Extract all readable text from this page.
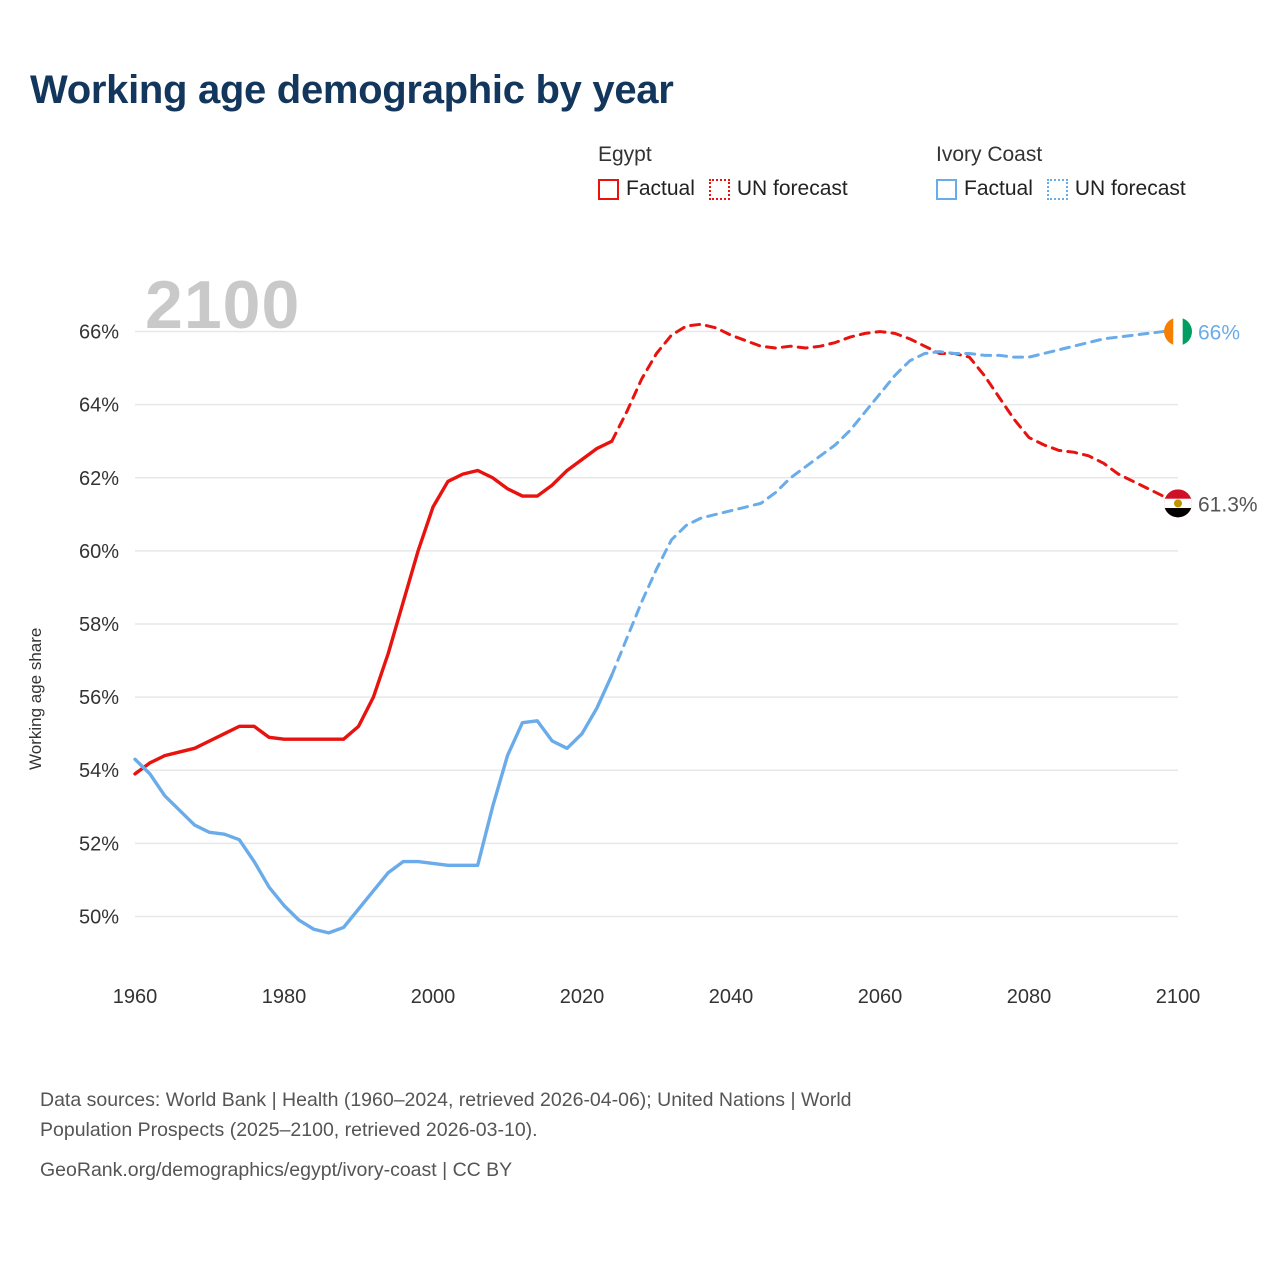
Working age demographic by year
Egypt
Factual UN forecast
Ivory Coast
Factual UN forecast
Working age share
2100
50%
52%
54%
56%
58%
60%
62%
64%
66%
1960	1980	2000	2020	2040	2060	2080	2100
66%
61.3%
Data sources: World Bank | Health (1960–2024, retrieved 2026-04-06); United Nations | World
Population Prospects (2025–2100, retrieved 2026-03-10).
GeoRank.org/demographics/egypt/ivory-coast | CC BY
